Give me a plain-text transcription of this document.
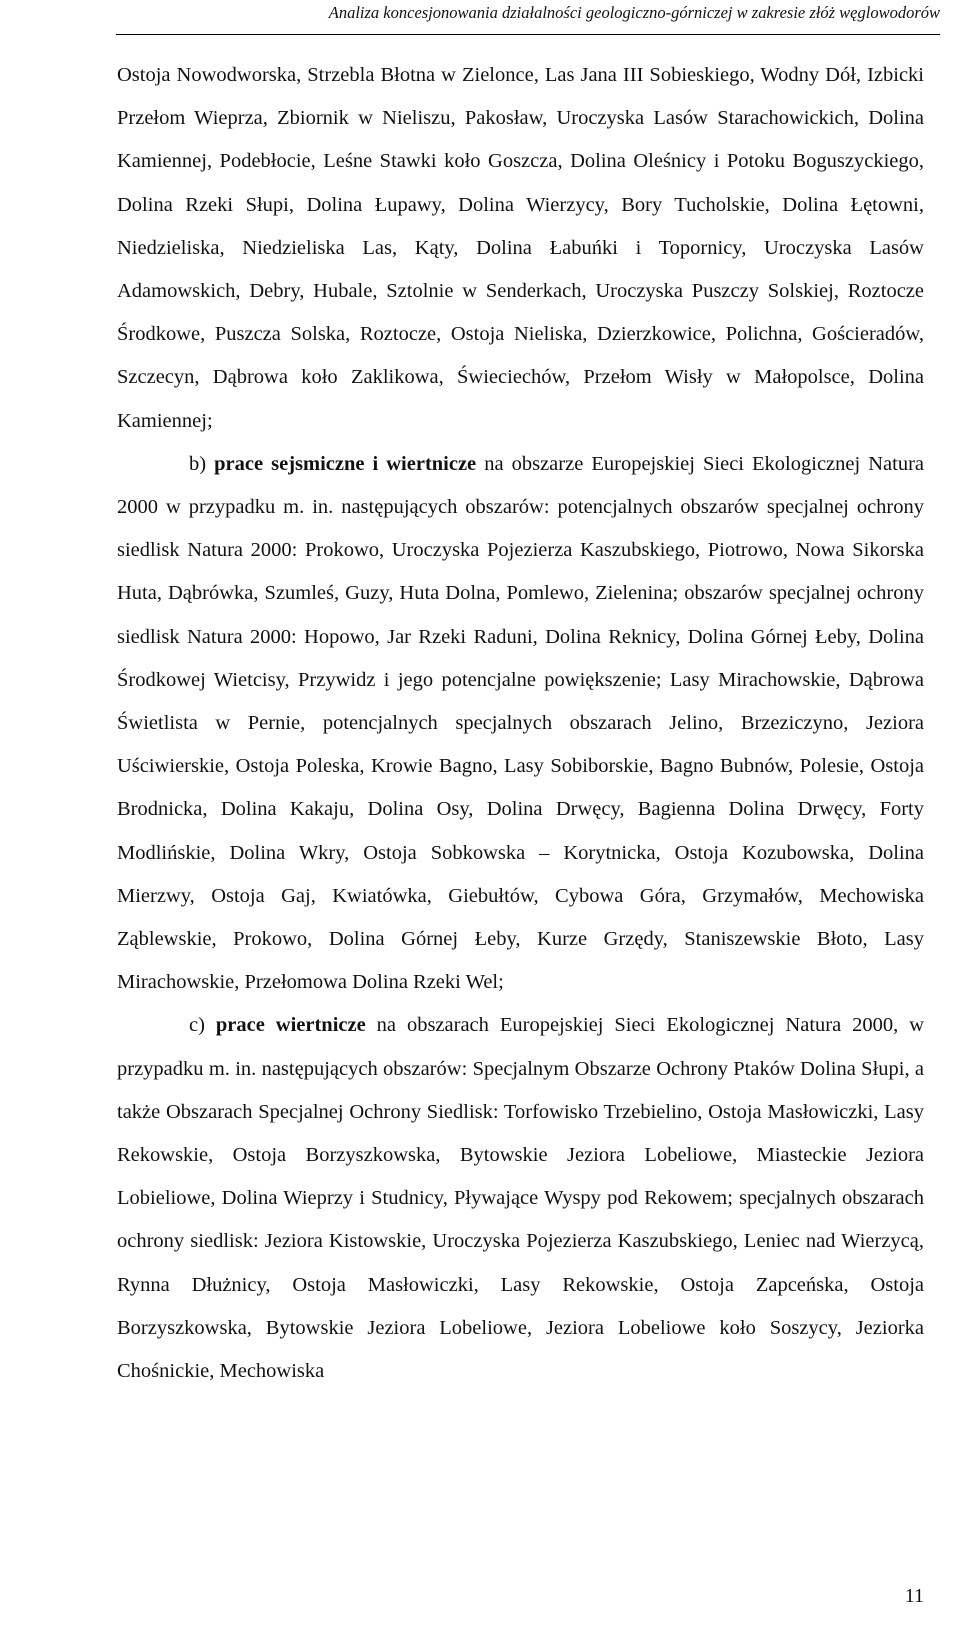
Analiza koncesjonowania działalności geologiczno-górniczej w zakresie złóż węglowodorów

Ostoja Nowodworska, Strzebla Błotna w Zielonce, Las Jana III Sobieskiego, Wodny Dół, Izbicki Przełom Wieprza, Zbiornik w Nieliszu, Pakosław, Uroczyska Lasów Starachowickich, Dolina Kamiennej, Podebłocie, Leśne Stawki koło Goszcza, Dolina Oleśnicy i Potoku Boguszyckiego, Dolina Rzeki Słupi, Dolina Łupawy, Dolina Wierzycy, Bory Tucholskie, Dolina Łętowni, Niedzieliska, Niedzieliska Las, Kąty, Dolina Łabuńki i Topornicy, Uroczyska Lasów Adamowskich, Debry, Hubale, Sztolnie w Senderkach, Uroczyska Puszczy Solskiej, Roztocze Środkowe, Puszcza Solska, Roztocze, Ostoja Nieliska, Dzierzkowice, Polichna, Gościeradów, Szczecyn, Dąbrowa koło Zaklikowa, Świeciechów, Przełom Wisły w Małopolsce, Dolina Kamiennej;

b) prace sejsmiczne i wiertnicze na obszarze Europejskiej Sieci Ekologicznej Natura 2000 w przypadku m. in. następujących obszarów: potencjalnych obszarów specjalnej ochrony siedlisk Natura 2000: Prokowo, Uroczyska Pojezierza Kaszubskiego, Piotrowo, Nowa Sikorska Huta, Dąbrówka, Szumleś, Guzy, Huta Dolna, Pomlewo, Zielenina; obszarów specjalnej ochrony siedlisk Natura 2000: Hopowo, Jar Rzeki Raduni, Dolina Reknicy, Dolina Górnej Łeby, Dolina Środkowej Wietcisy, Przywidz i jego potencjalne powiększenie; Lasy Mirachowskie, Dąbrowa Świetlista w Pernie, potencjalnych specjalnych obszarach Jelino, Brzeziczyno, Jeziora Uściwierskie, Ostoja Poleska, Krowie Bagno, Lasy Sobiborskie, Bagno Bubnów, Polesie, Ostoja Brodnicka, Dolina Kakaju, Dolina Osy, Dolina Drwęcy, Bagienna Dolina Drwęcy, Forty Modlińskie, Dolina Wkry, Ostoja Sobkowska – Korytnicka, Ostoja Kozubowska, Dolina Mierzwy, Ostoja Gaj, Kwiatówka, Giebułtów, Cybowa Góra, Grzymałów, Mechowiska Ząblewskie, Prokowo, Dolina Górnej Łeby, Kurze Grzędy, Staniszewskie Błoto, Lasy Mirachowskie, Przełomowa Dolina Rzeki Wel;

c) prace wiertnicze na obszarach Europejskiej Sieci Ekologicznej Natura 2000, w przypadku m. in. następujących obszarów: Specjalnym Obszarze Ochrony Ptaków Dolina Słupi, a także Obszarach Specjalnej Ochrony Siedlisk: Torfowisko Trzebielino, Ostoja Masłowiczki, Lasy Rekowskie, Ostoja Borzyszkowska, Bytowskie Jeziora Lobeliowe, Miasteckie Jeziora Lobieliowe, Dolina Wieprzy i Studnicy, Pływające Wyspy pod Rekowem; specjalnych obszarach ochrony siedlisk: Jeziora Kistowskie, Uroczyska Pojezierza Kaszubskiego, Leniec nad Wierzycą, Rynna Dłużnicy, Ostoja Masłowiczki, Lasy Rekowskie, Ostoja Zapceńska, Ostoja Borzyszkowska, Bytowskie Jeziora Lobeliowe, Jeziora Lobeliowe koło Soszycy, Jeziorka Chośnickie, Mechowiska

11
